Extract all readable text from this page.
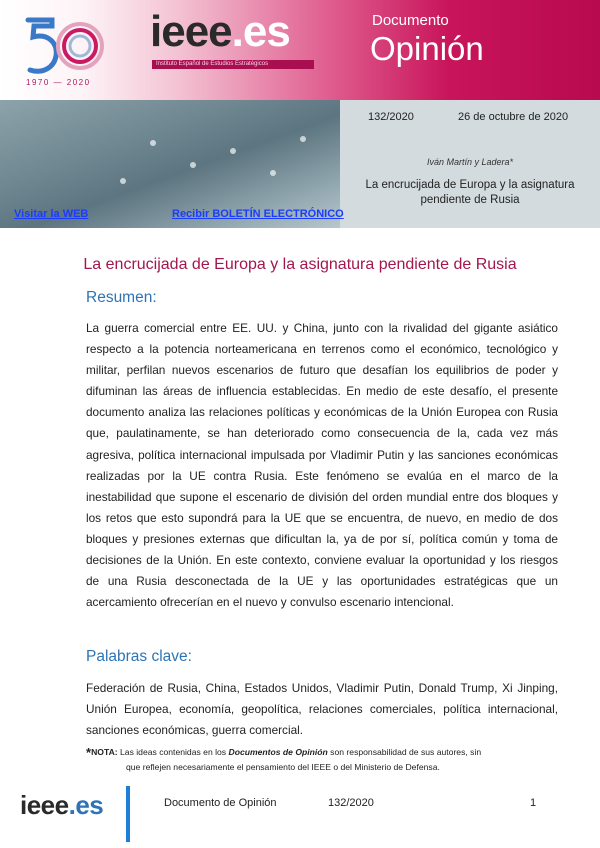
1970 — 2020
ieee.es
Instituto Español de Estudios Estratégicos
Documento
Opinión
132/2020	26 de octubre de 2020
Iván Martín y Ladera*
La encrucijada de Europa y la asignatura pendiente de Rusia
Visitar la WEB	Recibir BOLETÍN ELECTRÓNICO
La encrucijada de Europa y la asignatura pendiente de Rusia
Resumen:

La guerra comercial entre EE. UU. y China, junto con la rivalidad del gigante asiático respecto a la potencia norteamericana en terrenos como el económico, tecnológico y militar, perfilan nuevos escenarios de futuro que desafían los equilibrios de poder y difuminan las áreas de influencia establecidas. En medio de este desafío, el presente documento analiza las relaciones políticas y económicas de la Unión Europea con Rusia que, paulatinamente, se han deteriorado como consecuencia de la, cada vez más agresiva, política internacional impulsada por Vladimir Putin y las sanciones económicas realizadas por la UE contra Rusia. Este fenómeno se evalúa en el marco de la inestabilidad que supone el escenario de división del orden mundial entre dos bloques y los retos que esto supondrá para la UE que se encuentra, de nuevo, en medio de dos bloques y presiones externas que dificultan la, ya de por sí, política común y toma de decisiones de la Unión. En este contexto, conviene evaluar la oportunidad y los riesgos de una Rusia desconectada de la UE y las oportunidades estratégicas que un acercamiento ofrecerían en el nuevo y convulso escenario intencional.

Palabras clave:

Federación de Rusia, China, Estados Unidos, Vladimir Putin, Donald Trump, Xi Jinping, Unión Europea, economía, geopolítica, relaciones comerciales, política internacional, sanciones económicas, guerra comercial.

*NOTA: Las ideas contenidas en los Documentos de Opinión son responsabilidad de sus autores, sin
que reflejen necesariamente el pensamiento del IEEE o del Ministerio de Defensa.
ieee.es	Documento de Opinión	132/2020	1
